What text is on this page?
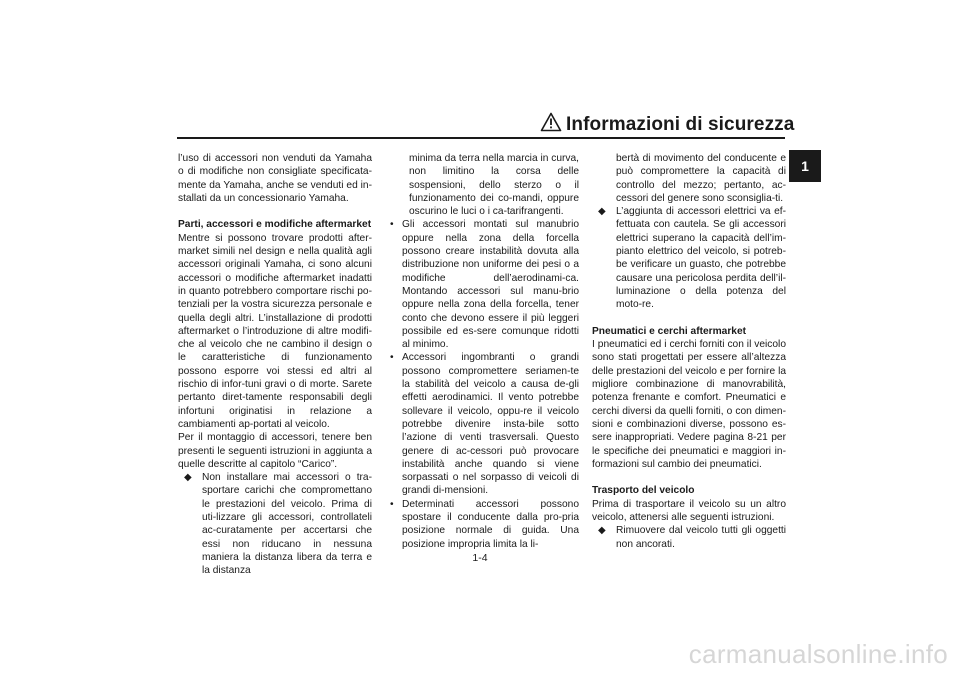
Informazioni di sicurezza
1

l’uso di accessori non venduti da Yamaha o di modifiche non consigliate specificata-mente da Yamaha, anche se venduti ed in-stallati da un concessionario Yamaha.

Parti, accessori e modifiche aftermarket

Mentre si possono trovare prodotti after-market simili nel design e nella qualità agli accessori originali Yamaha, ci sono alcuni accessori o modifiche aftermarket inadatti in quanto potrebbero comportare rischi po-tenziali per la vostra sicurezza personale e quella degli altri. L’installazione di prodotti aftermarket o l’introduzione di altre modifi-che al veicolo che ne cambino il design o le caratteristiche di funzionamento possono esporre voi stessi ed altri al rischio di infor-tuni gravi o di morte. Sarete pertanto diret-tamente responsabili degli infortuni originatisi in relazione a cambiamenti ap-portati al veicolo.

Per il montaggio di accessori, tenere ben presenti le seguenti istruzioni in aggiunta a quelle descritte al capitolo “Carico”.

◆ Non installare mai accessori o tra-sportare carichi che compromettano le prestazioni del veicolo. Prima di uti-lizzare gli accessori, controllateli ac-curatamente per accertarsi che essi non riducano in nessuna maniera la distanza libera da terra e la distanza

minima da terra nella marcia in curva, non limitino la corsa delle sospensioni, dello sterzo o il funzionamento dei co-mandi, oppure oscurino le luci o i ca-tarifrangenti.

• Gli accessori montati sul manubrio oppure nella zona della forcella possono creare instabilità dovuta alla distribuzione non uniforme dei pesi o a modifiche dell’aerodinami-ca. Montando accessori sul manu-brio oppure nella zona della forcella, tener conto che devono essere il più leggeri possibile ed es-sere comunque ridotti al minimo.
• Accessori ingombranti o grandi possono compromettere seriamen-te la stabilità del veicolo a causa de-gli effetti aerodinamici. Il vento potrebbe sollevare il veicolo, oppu-re il veicolo potrebbe divenire insta-bile sotto l’azione di venti trasversali. Questo genere di ac-cessori può provocare instabilità anche quando si viene sorpassati o nel sorpasso di veicoli di grandi di-mensioni.
• Determinati accessori possono spostare il conducente dalla pro-pria posizione normale di guida. Una posizione impropria limita la li-

bertà di movimento del conducente e può compromettere la capacità di controllo del mezzo; pertanto, ac-cessori del genere sono sconsiglia-ti.

◆ L’aggiunta di accessori elettrici va ef-fettuata con cautela. Se gli accessori elettrici superano la capacità dell’im-pianto elettrico del veicolo, si potreb-be verificare un guasto, che potrebbe causare una pericolosa perdita dell’il-luminazione o della potenza del moto-re.

Pneumatici e cerchi aftermarket

I pneumatici ed i cerchi forniti con il veicolo sono stati progettati per essere all’altezza delle prestazioni del veicolo e per fornire la migliore combinazione di manovrabilità, potenza frenante e comfort. Pneumatici e cerchi diversi da quelli forniti, o con dimen-sioni e combinazioni diverse, possono es-sere inappropriati. Vedere pagina 8-21 per le specifiche dei pneumatici e maggiori in-formazioni sul cambio dei pneumatici.

Trasporto del veicolo

Prima di trasportare il veicolo su un altro veicolo, attenersi alle seguenti istruzioni.

◆ Rimuovere dal veicolo tutti gli oggetti non ancorati.
1-4
carmanualsonline.info
